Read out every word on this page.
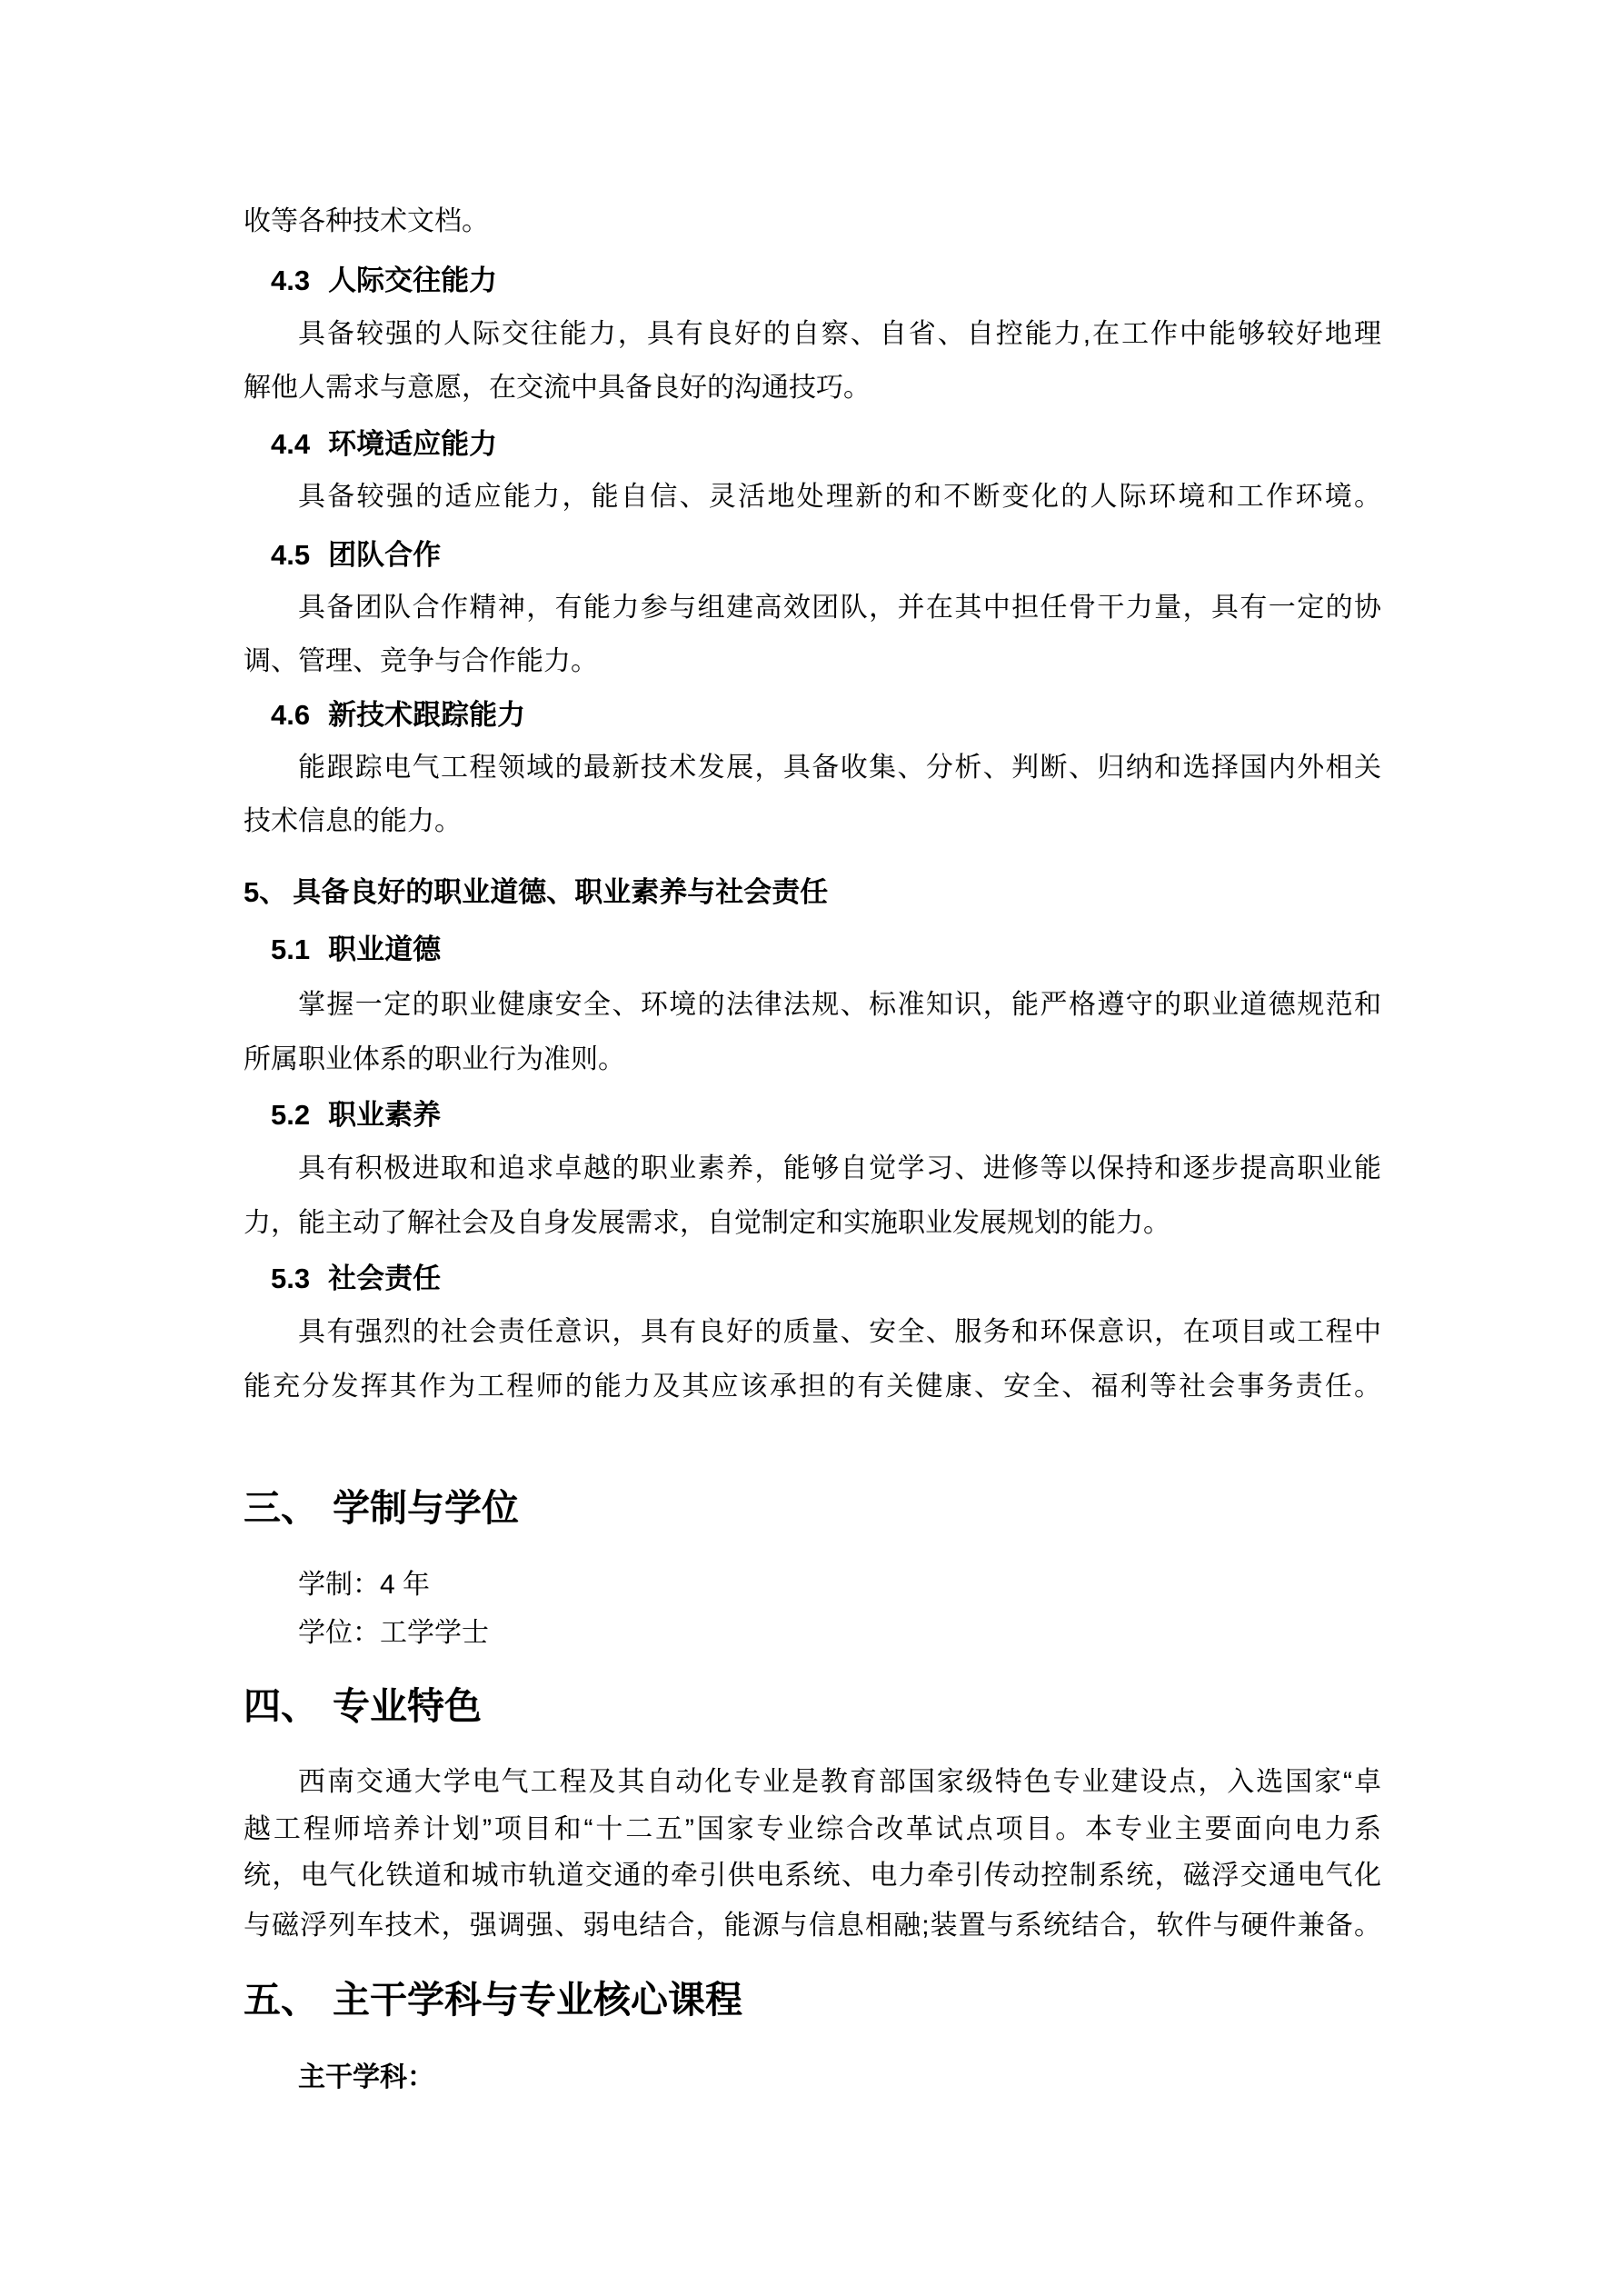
收等各种技术文档。
4.3 人际交往能力
具备较强的人际交往能力，具有良好的自察、自省、自控能力,在工作中能够较好地理
解他人需求与意愿，在交流中具备良好的沟通技巧。
4.4 环境适应能力
具备较强的适应能力，能自信、灵活地处理新的和不断变化的人际环境和工作环境。
4.5 团队合作
具备团队合作精神，有能力参与组建高效团队，并在其中担任骨干力量，具有一定的协
调、管理、竞争与合作能力。
4.6 新技术跟踪能力
能跟踪电气工程领域的最新技术发展，具备收集、分析、判断、归纳和选择国内外相关
技术信息的能力。
5、 具备良好的职业道德、职业素养与社会责任
5.1 职业道德
掌握一定的职业健康安全、环境的法律法规、标准知识，能严格遵守的职业道德规范和
所属职业体系的职业行为准则。
5.2 职业素养
具有积极进取和追求卓越的职业素养，能够自觉学习、进修等以保持和逐步提高职业能
力，能主动了解社会及自身发展需求，自觉制定和实施职业发展规划的能力。
5.3 社会责任
具有强烈的社会责任意识，具有良好的质量、安全、服务和环保意识，在项目或工程中
能充分发挥其作为工程师的能力及其应该承担的有关健康、安全、福利等社会事务责任。
三、 学制与学位
学制：4 年
学位：工学学士
四、 专业特色
西南交通大学电气工程及其自动化专业是教育部国家级特色专业建设点，入选国家“卓
越工程师培养计划”项目和“十二五”国家专业综合改革试点项目。本专业主要面向电力系
统，电气化铁道和城市轨道交通的牵引供电系统、电力牵引传动控制系统，磁浮交通电气化
与磁浮列车技术，强调强、弱电结合，能源与信息相融;装置与系统结合，软件与硬件兼备。
五、 主干学科与专业核心课程
主干学科：
